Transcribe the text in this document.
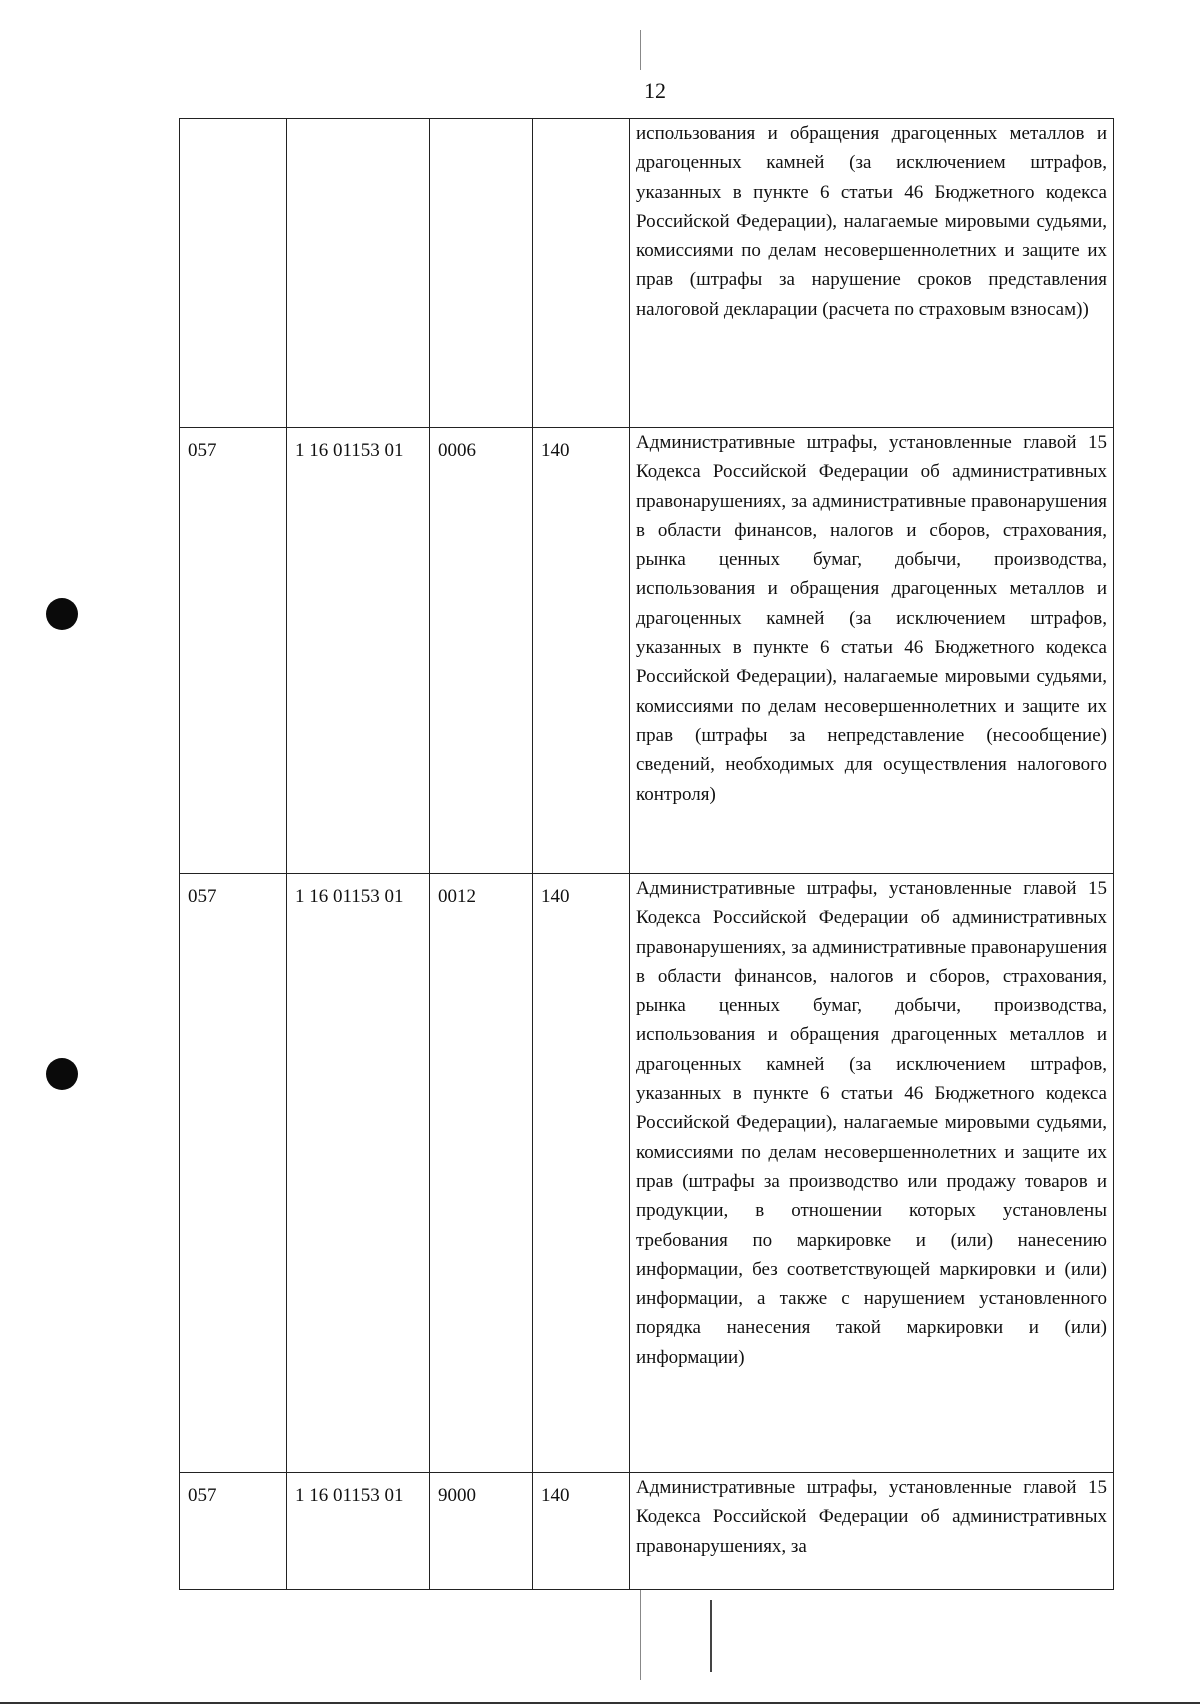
12
				использования и обращения драгоценных металлов и драгоценных камней (за исключением штрафов, указанных в пункте 6 статьи 46 Бюджетного кодекса Российской Федерации), налагаемые мировыми судьями, комиссиями по делам несовершеннолетних и защите их прав (штрафы за нарушение сроков представления налоговой декларации (расчета по страховым взносам))
057	1 16 01153 01	0006	140	Административные штрафы, установленные главой 15 Кодекса Российской Федерации об административных правонарушениях, за административные правонарушения в области финансов, налогов и сборов, страхования, рынка ценных бумаг, добычи, производства, использования и обращения драгоценных металлов и драгоценных камней (за исключением штрафов, указанных в пункте 6 статьи 46 Бюджетного кодекса Российской Федерации), налагаемые мировыми судьями, комиссиями по делам несовершеннолетних и защите их прав (штрафы за непредставление (несообщение) сведений, необходимых для осуществления налогового контроля)
057	1 16 01153 01	0012	140	Административные штрафы, установленные главой 15 Кодекса Российской Федерации об административных правонарушениях, за административные правонарушения в области финансов, налогов и сборов, страхования, рынка ценных бумаг, добычи, производства, использования и обращения драгоценных металлов и драгоценных камней (за исключением штрафов, указанных в пункте 6 статьи 46 Бюджетного кодекса Российской Федерации), налагаемые мировыми судьями, комиссиями по делам несовершеннолетних и защите их прав (штрафы за производство или продажу товаров и продукции, в отношении которых установлены требования по маркировке и (или) нанесению информации, без соответствующей маркировки и (или) информации, а также с нарушением установленного порядка нанесения такой маркировки и (или) информации)
057	1 16 01153 01	9000	140	Административные штрафы, установленные главой 15 Кодекса Российской Федерации об административных правонарушениях, за
